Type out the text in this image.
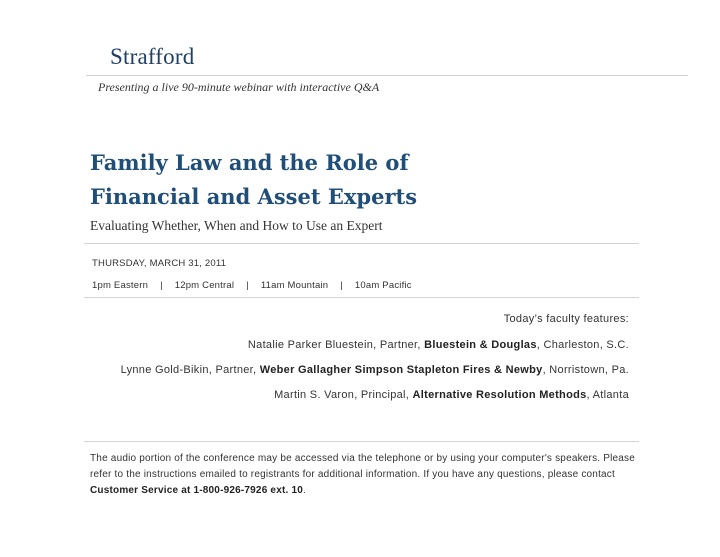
Strafford
Presenting a live 90-minute webinar with interactive Q&A
Family Law and the Role of
Financial and Asset Experts
Evaluating Whether, When and How to Use an Expert
THURSDAY, MARCH 31, 2011
1pm Eastern | 12pm Central | 11am Mountain | 10am Pacific
Today’s faculty features:
Natalie Parker Bluestein, Partner, Bluestein & Douglas, Charleston, S.C.
Lynne Gold-Bikin, Partner, Weber Gallagher Simpson Stapleton Fires & Newby, Norristown, Pa.
Martin S. Varon, Principal, Alternative Resolution Methods, Atlanta
The audio portion of the conference may be accessed via the telephone or by using your computer's speakers. Please refer to the instructions emailed to registrants for additional information. If you have any questions, please contact Customer Service at 1-800-926-7926 ext. 10.
